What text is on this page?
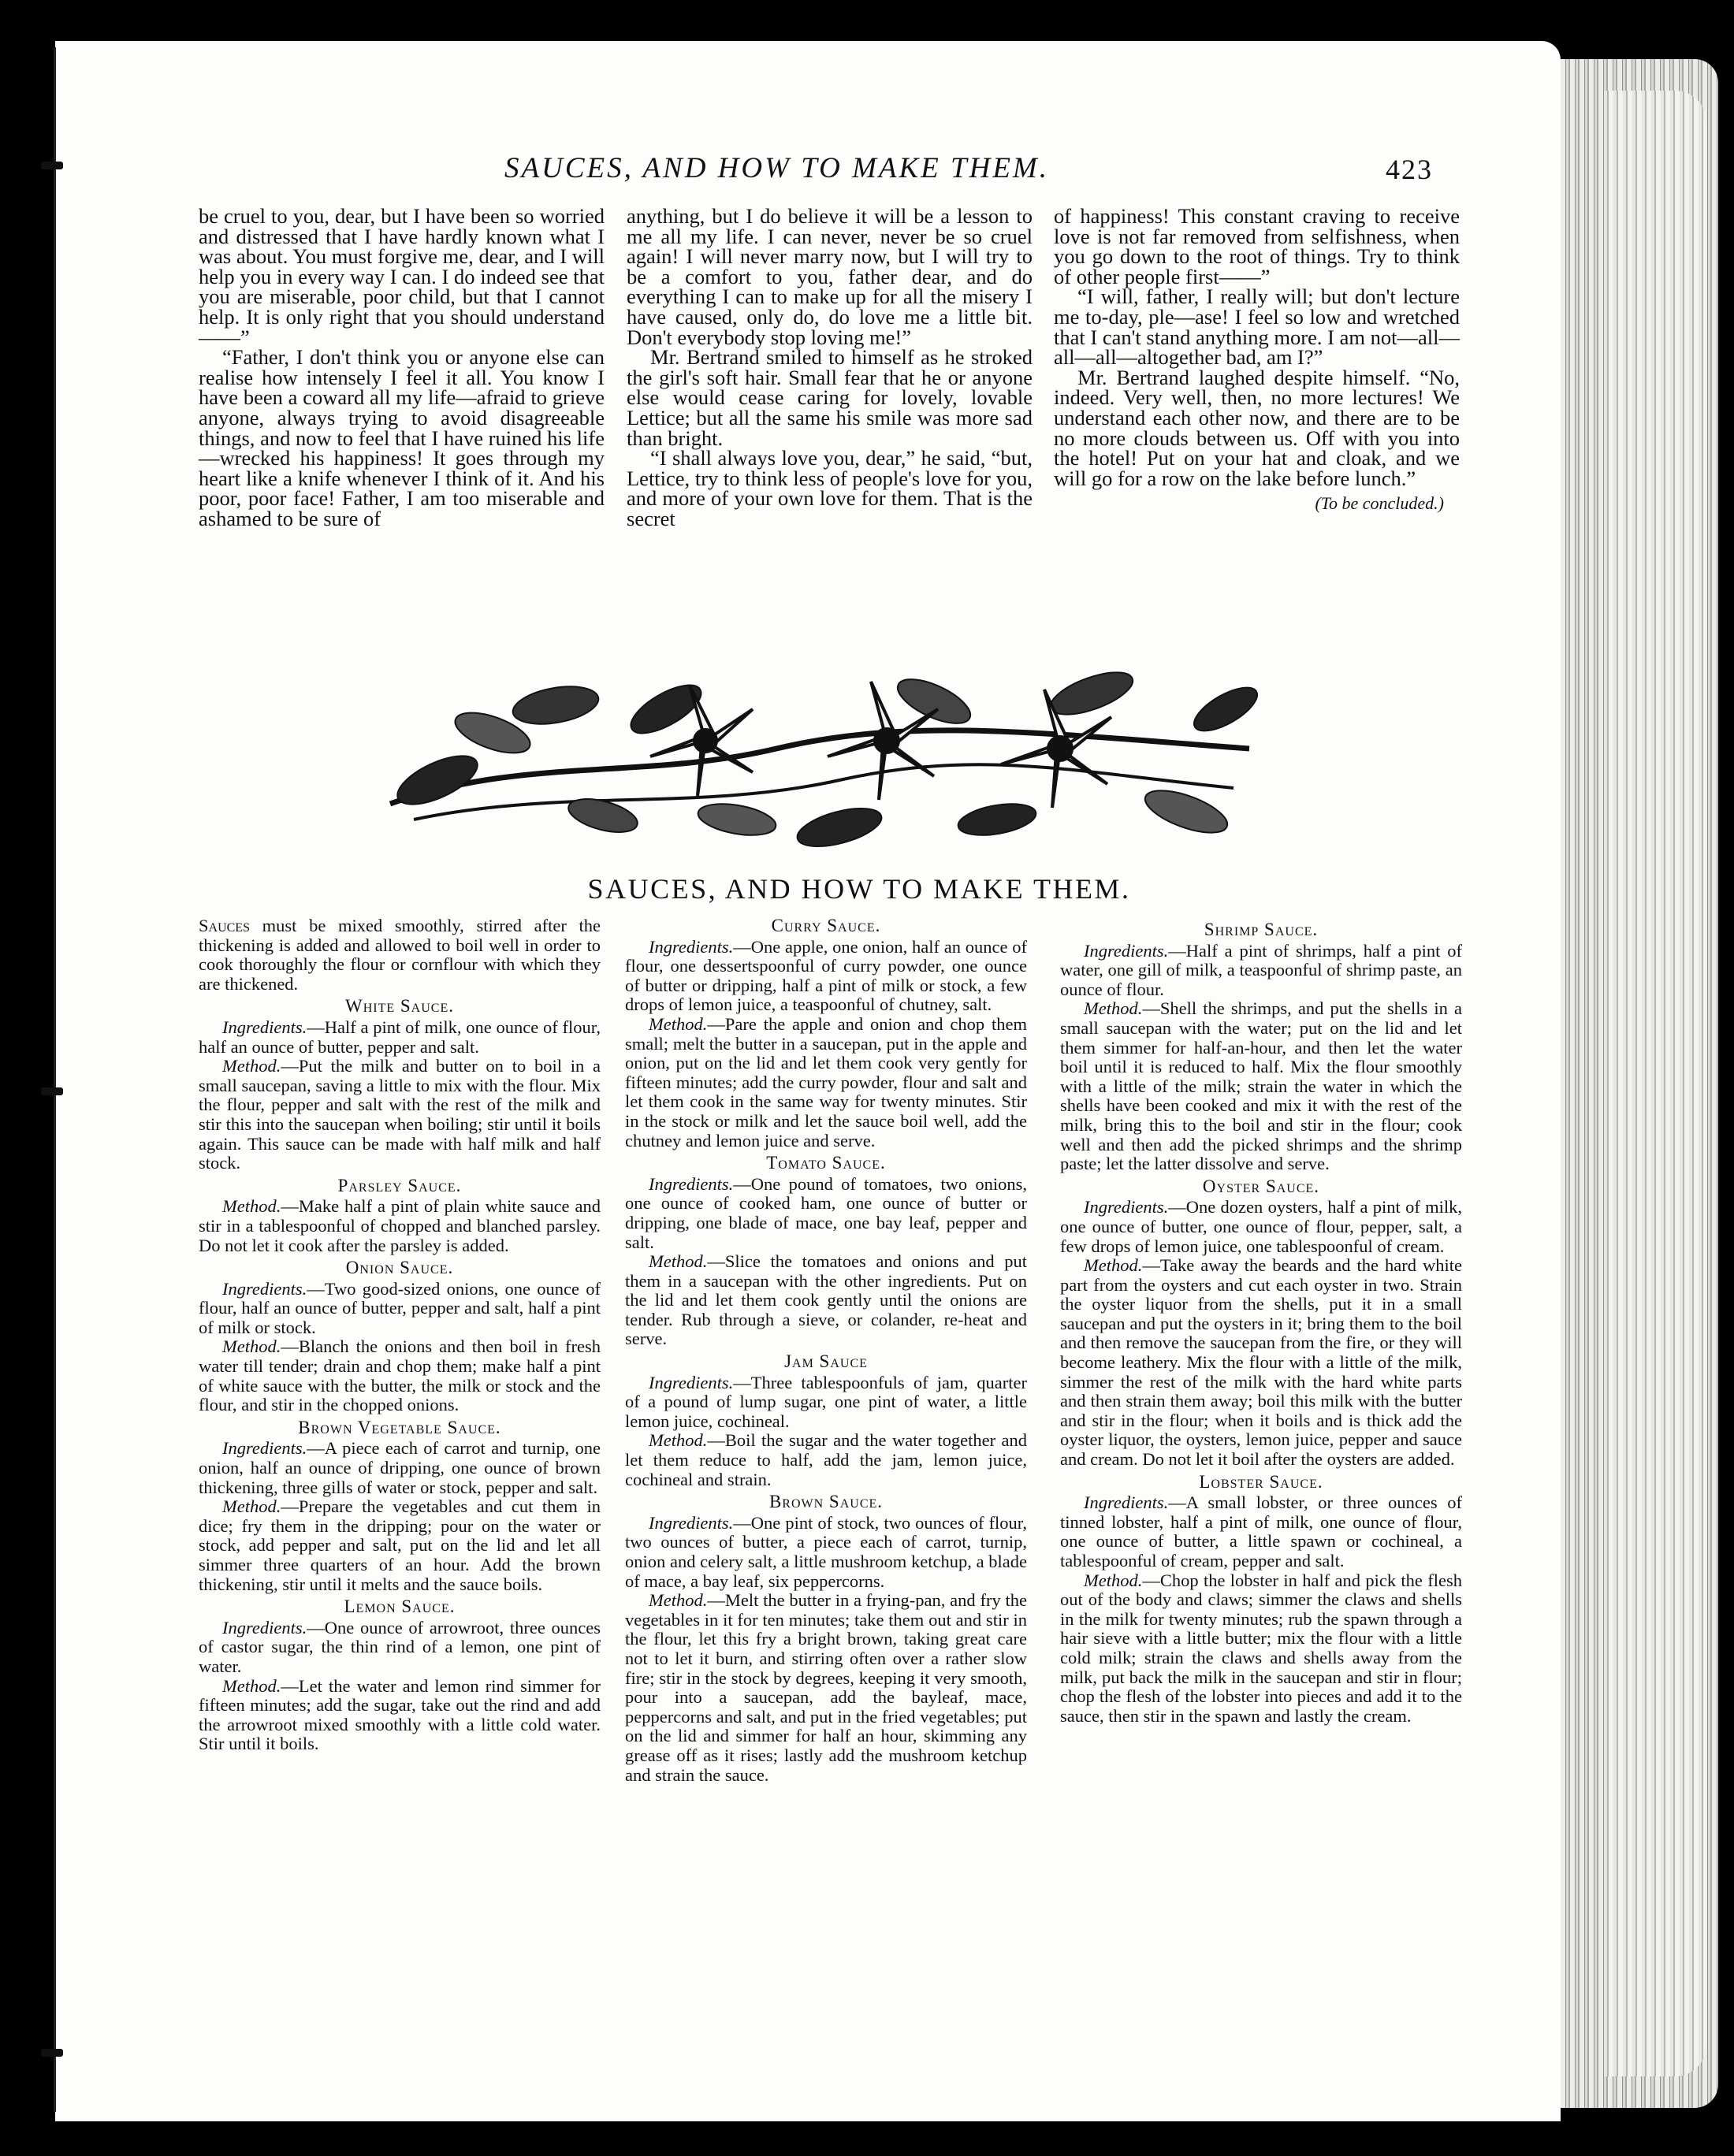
SAUCES, AND HOW TO MAKE THEM.	423

be cruel to you, dear, but I have been so worried and distressed that I have hardly known what I was about. You must forgive me, dear, and I will help you in every way I can. I do indeed see that you are miserable, poor child, but that I cannot help. It is only right that you should understand——”

“Father, I don't think you or anyone else can realise how intensely I feel it all. You know I have been a coward all my life—afraid to grieve anyone, always trying to avoid disagreeable things, and now to feel that I have ruined his life—wrecked his happiness! It goes through my heart like a knife whenever I think of it. And his poor, poor face! Father, I am too miserable and ashamed to be sure of

anything, but I do believe it will be a lesson to me all my life. I can never, never be so cruel again! I will never marry now, but I will try to be a comfort to you, father dear, and do everything I can to make up for all the misery I have caused, only do, do love me a little bit. Don't everybody stop loving me!”

Mr. Bertrand smiled to himself as he stroked the girl's soft hair. Small fear that he or anyone else would cease caring for lovely, lovable Lettice; but all the same his smile was more sad than bright.

“I shall always love you, dear,” he said, “but, Lettice, try to think less of people's love for you, and more of your own love for them. That is the secret

of happiness! This constant craving to receive love is not far removed from selfishness, when you go down to the root of things. Try to think of other people first——”

“I will, father, I really will; but don't lecture me to-day, ple—ase! I feel so low and wretched that I can't stand anything more. I am not—all—all—all—altogether bad, am I?”

Mr. Bertrand laughed despite himself. “No, indeed. Very well, then, no more lectures! We understand each other now, and there are to be no more clouds between us. Off with you into the hotel! Put on your hat and cloak, and we will go for a row on the lake before lunch.”

(To be concluded.)
SAUCES, AND HOW TO MAKE THEM.

Sauces must be mixed smoothly, stirred after the thickening is added and allowed to boil well in order to cook thoroughly the flour or cornflour with which they are thickened.

White Sauce.

Ingredients.—Half a pint of milk, one ounce of flour, half an ounce of butter, pepper and salt.

Method.—Put the milk and butter on to boil in a small saucepan, saving a little to mix with the flour. Mix the flour, pepper and salt with the rest of the milk and stir this into the saucepan when boiling; stir until it boils again. This sauce can be made with half milk and half stock.

Parsley Sauce.

Method.—Make half a pint of plain white sauce and stir in a tablespoonful of chopped and blanched parsley. Do not let it cook after the parsley is added.

Onion Sauce.

Ingredients.—Two good-sized onions, one ounce of flour, half an ounce of butter, pepper and salt, half a pint of milk or stock.

Method.—Blanch the onions and then boil in fresh water till tender; drain and chop them; make half a pint of white sauce with the butter, the milk or stock and the flour, and stir in the chopped onions.

Brown Vegetable Sauce.

Ingredients.—A piece each of carrot and turnip, one onion, half an ounce of dripping, one ounce of brown thickening, three gills of water or stock, pepper and salt.

Method.—Prepare the vegetables and cut them in dice; fry them in the dripping; pour on the water or stock, add pepper and salt, put on the lid and let all simmer three quarters of an hour. Add the brown thickening, stir until it melts and the sauce boils.

Lemon Sauce.

Ingredients.—One ounce of arrowroot, three ounces of castor sugar, the thin rind of a lemon, one pint of water.

Method.—Let the water and lemon rind simmer for fifteen minutes; add the sugar, take out the rind and add the arrowroot mixed smoothly with a little cold water. Stir until it boils.

Curry Sauce.

Ingredients.—One apple, one onion, half an ounce of flour, one dessertspoonful of curry powder, one ounce of butter or dripping, half a pint of milk or stock, a few drops of lemon juice, a teaspoonful of chutney, salt.

Method.—Pare the apple and onion and chop them small; melt the butter in a saucepan, put in the apple and onion, put on the lid and let them cook very gently for fifteen minutes; add the curry powder, flour and salt and let them cook in the same way for twenty minutes. Stir in the stock or milk and let the sauce boil well, add the chutney and lemon juice and serve.

Tomato Sauce.

Ingredients.—One pound of tomatoes, two onions, one ounce of cooked ham, one ounce of butter or dripping, one blade of mace, one bay leaf, pepper and salt.

Method.—Slice the tomatoes and onions and put them in a saucepan with the other ingredients. Put on the lid and let them cook gently until the onions are tender. Rub through a sieve, or colander, re-heat and serve.

Jam Sauce

Ingredients.—Three tablespoonfuls of jam, quarter of a pound of lump sugar, one pint of water, a little lemon juice, cochineal.

Method.—Boil the sugar and the water together and let them reduce to half, add the jam, lemon juice, cochineal and strain.

Brown Sauce.

Ingredients.—One pint of stock, two ounces of flour, two ounces of butter, a piece each of carrot, turnip, onion and celery salt, a little mushroom ketchup, a blade of mace, a bay leaf, six peppercorns.

Method.—Melt the butter in a frying-pan, and fry the vegetables in it for ten minutes; take them out and stir in the flour, let this fry a bright brown, taking great care not to let it burn, and stirring often over a rather slow fire; stir in the stock by degrees, keeping it very smooth, pour into a saucepan, add the bayleaf, mace, peppercorns and salt, and put in the fried vegetables; put on the lid and simmer for half an hour, skimming any grease off as it rises; lastly add the mushroom ketchup and strain the sauce.

Shrimp Sauce.

Ingredients.—Half a pint of shrimps, half a pint of water, one gill of milk, a teaspoonful of shrimp paste, an ounce of flour.

Method.—Shell the shrimps, and put the shells in a small saucepan with the water; put on the lid and let them simmer for half-an-hour, and then let the water boil until it is reduced to half. Mix the flour smoothly with a little of the milk; strain the water in which the shells have been cooked and mix it with the rest of the milk, bring this to the boil and stir in the flour; cook well and then add the picked shrimps and the shrimp paste; let the latter dissolve and serve.

Oyster Sauce.

Ingredients.—One dozen oysters, half a pint of milk, one ounce of butter, one ounce of flour, pepper, salt, a few drops of lemon juice, one tablespoonful of cream.

Method.—Take away the beards and the hard white part from the oysters and cut each oyster in two. Strain the oyster liquor from the shells, put it in a small saucepan and put the oysters in it; bring them to the boil and then remove the saucepan from the fire, or they will become leathery. Mix the flour with a little of the milk, simmer the rest of the milk with the hard white parts and then strain them away; boil this milk with the butter and stir in the flour; when it boils and is thick add the oyster liquor, the oysters, lemon juice, pepper and sauce and cream. Do not let it boil after the oysters are added.

Lobster Sauce.

Ingredients.—A small lobster, or three ounces of tinned lobster, half a pint of milk, one ounce of flour, one ounce of butter, a little spawn or cochineal, a tablespoonful of cream, pepper and salt.

Method.—Chop the lobster in half and pick the flesh out of the body and claws; simmer the claws and shells in the milk for twenty minutes; rub the spawn through a hair sieve with a little butter; mix the flour with a little cold milk; strain the claws and shells away from the milk, put back the milk in the saucepan and stir in flour; chop the flesh of the lobster into pieces and add it to the sauce, then stir in the spawn and lastly the cream.
